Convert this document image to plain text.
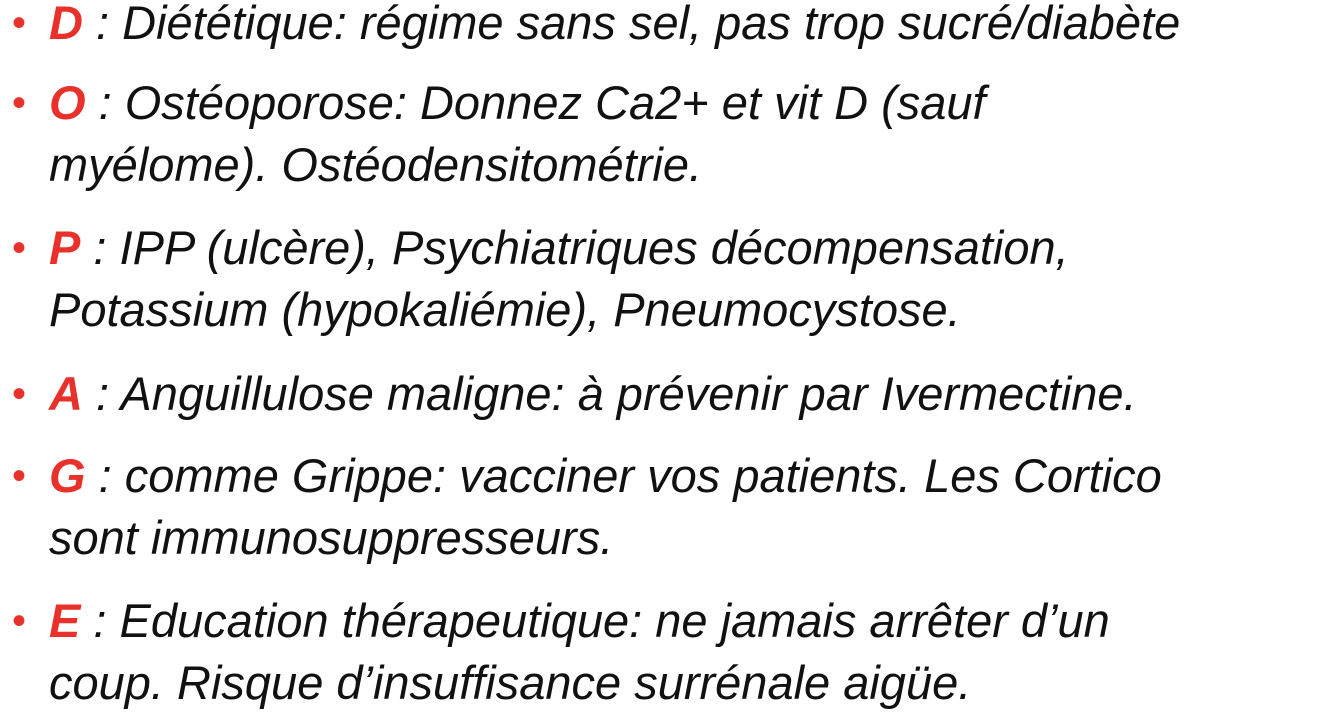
• D : Diététique: régime sans sel, pas trop sucré/diabète
• O : Ostéoporose: Donnez Ca2+ et vit D (sauf
myélome). Ostéodensitométrie.
• P : IPP (ulcère), Psychiatriques décompensation,
Potassium (hypokaliémie), Pneumocystose.
• A : Anguillulose maligne: à prévenir par Ivermectine.
• G : comme Grippe: vacciner vos patients. Les Cortico
sont immunosuppresseurs.
• E : Education thérapeutique: ne jamais arrêter d’un
coup. Risque d’insuffisance surrénale aigüe.
